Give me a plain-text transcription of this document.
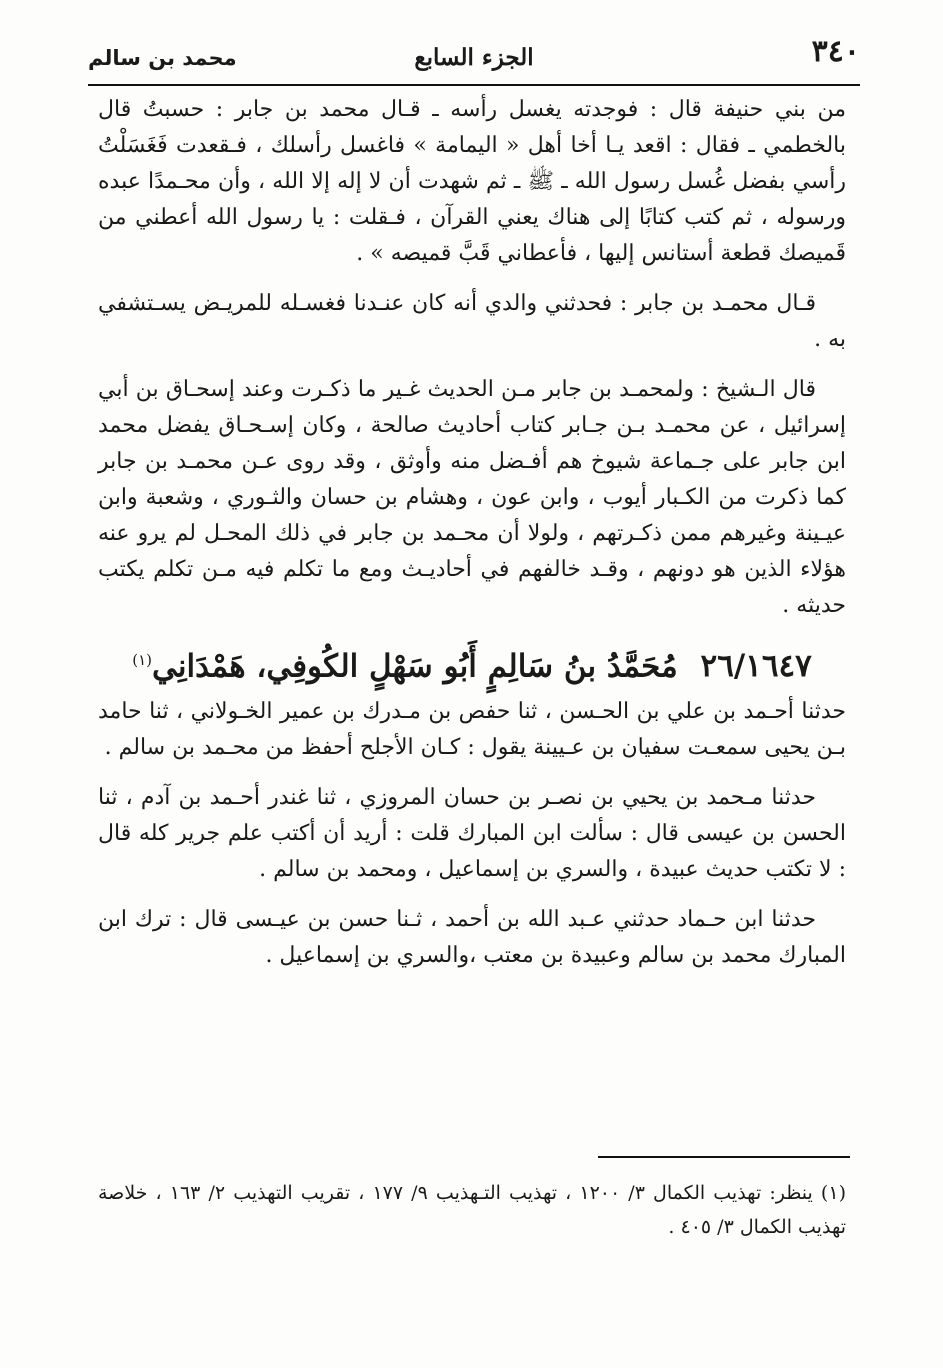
محمد بن سالم	الجزء السابع	٣٤٠

من بني حنيفة قال : فوجدته يغسل رأسه ـ قـال محمد بن جابر : حسبتُ قال بالخطمي ـ فقال : اقعد يـا أخا أهل « اليمامة » فاغسل رأسلك ، فـقعدت فَغَسَلْتُ رأسي بفضل غُسل رسول الله ـ ﷺ ـ ثم شهدت أن لا إله إلا الله ، وأن محـمدًا عبده ورسوله ، ثم كتب كتابًا إلى هناك يعني القرآن ، فـقلت : يا رسول الله أعطني من قَميصك قطعة أستانس إليها ، فأعطاني قَبَّ قميصه » .

قـال محمـد بن جابر : فحدثني والدي أنه كان عنـدنا فغسـله للمريـض يسـتشفي به .

قال الـشيخ : ولمحمـد بن جابر مـن الحديث غـير ما ذكـرت وعند إسحـاق بن أبي إسرائيل ، عن محمـد بـن جـابر كتاب أحاديث صالحة ، وكان إسـحـاق يفضل محمد ابن جابر على جـماعة شيوخ هم أفـضل منه وأوثق ، وقد روى عـن محمـد بن جابر كما ذكرت من الكـبار أيوب ، وابن عون ، وهشام بن حسان والثـوري ، وشعبة وابن عيـينة وغيرهم ممن ذكـرتهم ، ولولا أن محـمد بن جابر في ذلك المحـل لم يرو عنه هؤلاء الذين هو دونهم ، وقـد خالفهم في أحاديـث ومع ما تكلم فيه مـن تكلم يكتب حديثه .

٢٦/١٦٤٧ مُحَمَّدُ بنُ سَالِمٍ أَبُو سَهْلٍ الكُوفِي، هَمْدَانِي$^{(١)}$

حدثنا أحـمد بن علي بن الحـسن ، ثنا حفص بن مـدرك بن عمير الخـولاني ، ثنا حامد بـن يحيى سمعـت سفيان بن عـيينة يقول : كـان الأجلح أحفظ من محـمد بن سالم .

حدثنا مـحمد بن يحيي بن نصـر بن حسان المروزي ، ثنا غندر أحـمد بن آدم ، ثنا الحسن بن عيسى قال : سألت ابن المبارك قلت : أريد أن أكتب علم جرير كله قال : لا تكتب حديث عبيدة ، والسري بن إسماعيل ، ومحمد بن سالم .

حدثنا ابن حـماد حدثني عـبد الله بن أحمد ، ثـنا حسن بن عيـسى قال : ترك ابن المبارك محمد بن سالم وعبيدة بن معتب ،والسري بن إسماعيل .

(١) ينظر: تهذيب الكمال ٣/ ١٢٠٠ ، تهذيب التـهذيب ٩/ ١٧٧ ، تقريب التهذيب ٢/ ١٦٣ ، خلاصة تهذيب الكمال ٣/ ٤٠٥ .
